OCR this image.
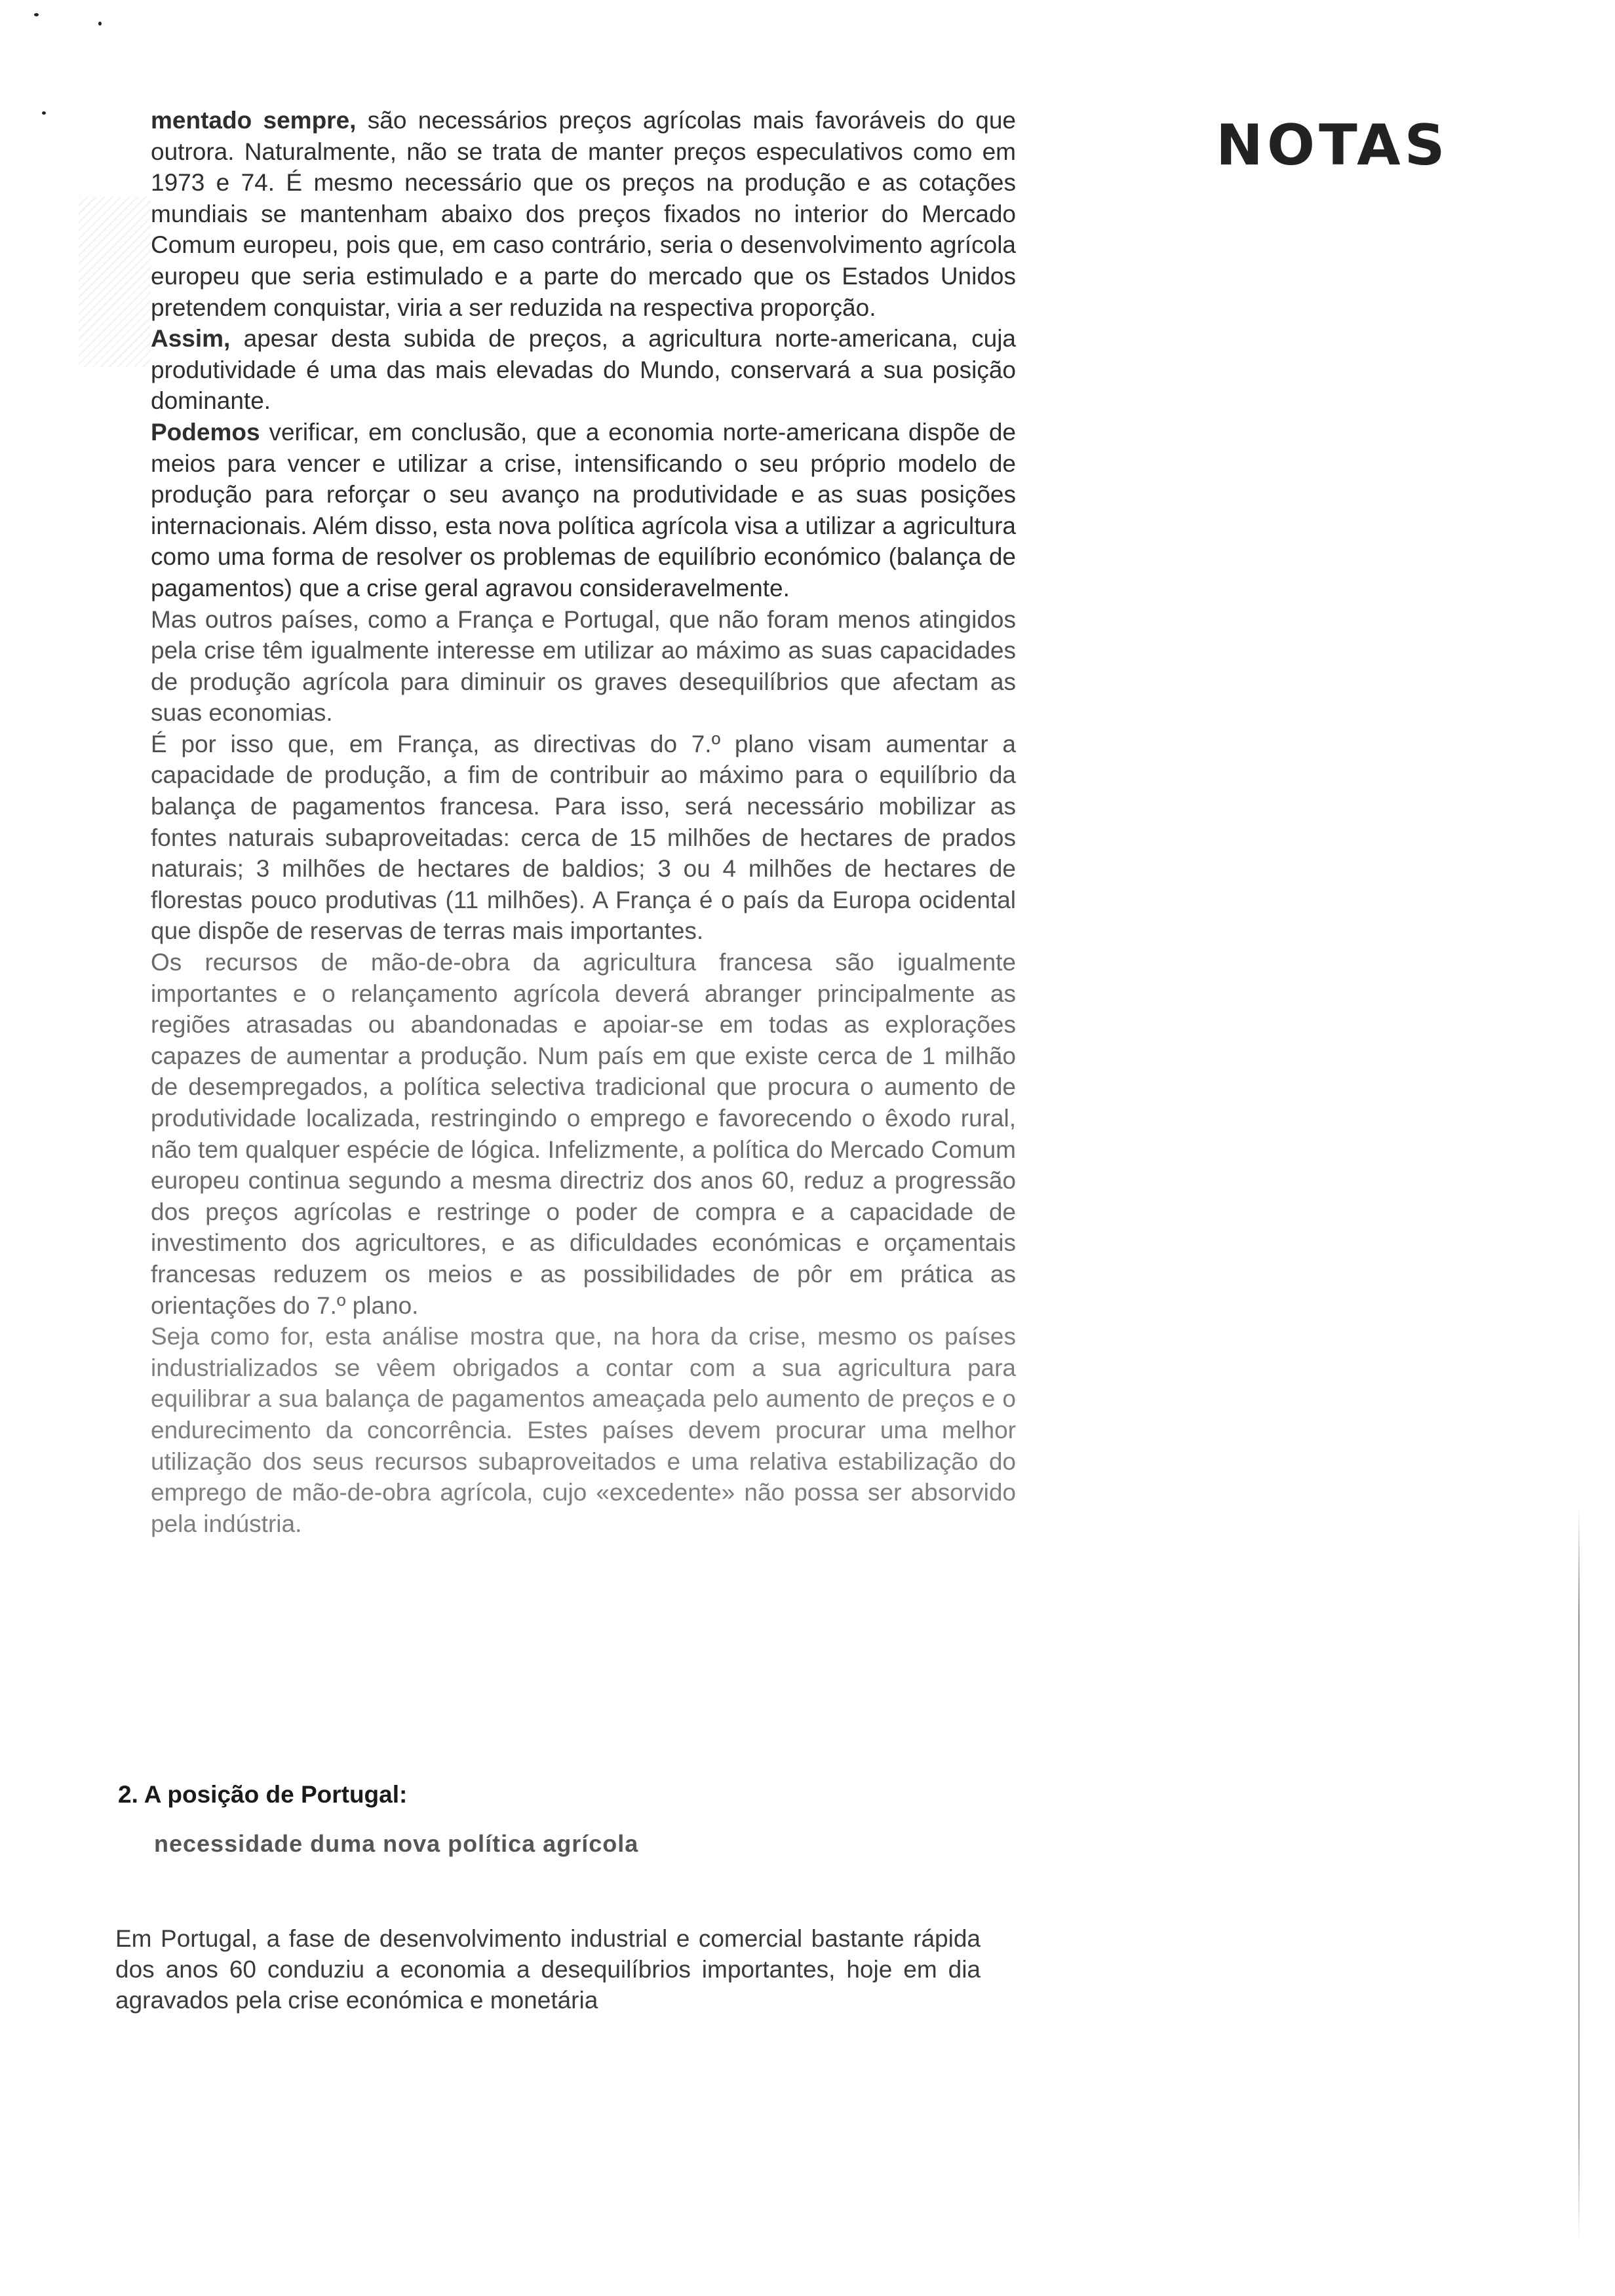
NOTAS

mentado sempre, são necessários preços agrícolas mais favoráveis do que outrora. Naturalmente, não se trata de manter preços especulativos como em 1973 e 74. É mesmo necessário que os preços na produção e as cotações mundiais se mantenham abaixo dos preços fixados no interior do Mercado Comum europeu, pois que, em caso contrário, seria o desenvolvimento agrícola europeu que seria estimulado e a parte do mercado que os Estados Unidos pretendem conquistar, viria a ser reduzida na respectiva proporção.

Assim, apesar desta subida de preços, a agricultura norte-americana, cuja produtividade é uma das mais elevadas do Mundo, conservará a sua posição dominante.

Podemos verificar, em conclusão, que a economia norte-americana dispõe de meios para vencer e utilizar a crise, intensificando o seu próprio modelo de produção para reforçar o seu avanço na produtividade e as suas posições internacionais. Além disso, esta nova política agrícola visa a utilizar a agricultura como uma forma de resolver os problemas de equilíbrio económico (balança de pagamentos) que a crise geral agravou consideravelmente.

Mas outros países, como a França e Portugal, que não foram menos atingidos pela crise têm igualmente interesse em utilizar ao máximo as suas capacidades de produção agrícola para diminuir os graves desequilíbrios que afectam as suas economias.

É por isso que, em França, as directivas do 7.º plano visam aumentar a capacidade de produção, a fim de contribuir ao máximo para o equilíbrio da balança de pagamentos francesa. Para isso, será necessário mobilizar as fontes naturais subaproveitadas: cerca de 15 milhões de hectares de prados naturais; 3 milhões de hectares de baldios; 3 ou 4 milhões de hectares de florestas pouco produtivas (11 milhões). A França é o país da Europa ocidental que dispõe de reservas de terras mais importantes.

Os recursos de mão-de-obra da agricultura francesa são igualmente importantes e o relançamento agrícola deverá abranger principalmente as regiões atrasadas ou abandonadas e apoiar-se em todas as explorações capazes de aumentar a produção. Num país em que existe cerca de 1 milhão de desempregados, a política selectiva tradicional que procura o aumento de produtividade localizada, restringindo o emprego e favorecendo o êxodo rural, não tem qualquer espécie de lógica. Infelizmente, a política do Mercado Comum europeu continua segundo a mesma directriz dos anos 60, reduz a progressão dos preços agrícolas e restringe o poder de compra e a capacidade de investimento dos agricultores, e as dificuldades económicas e orçamentais francesas reduzem os meios e as possibilidades de pôr em prática as orientações do 7.º plano.

Seja como for, esta análise mostra que, na hora da crise, mesmo os países industrializados se vêem obrigados a contar com a sua agricultura para equilibrar a sua balança de pagamentos ameaçada pelo aumento de preços e o endurecimento da concorrência. Estes países devem procurar uma melhor utilização dos seus recursos subaproveitados e uma relativa estabilização do emprego de mão-de-obra agrícola, cujo «excedente» não possa ser absorvido pela indústria.

2. A posição de Portugal:
necessidade duma nova política agrícola

Em Portugal, a fase de desenvolvimento industrial e comercial bastante rápida dos anos 60 conduziu a economia a desequilíbrios importantes, hoje em dia agravados pela crise económica e monetária
